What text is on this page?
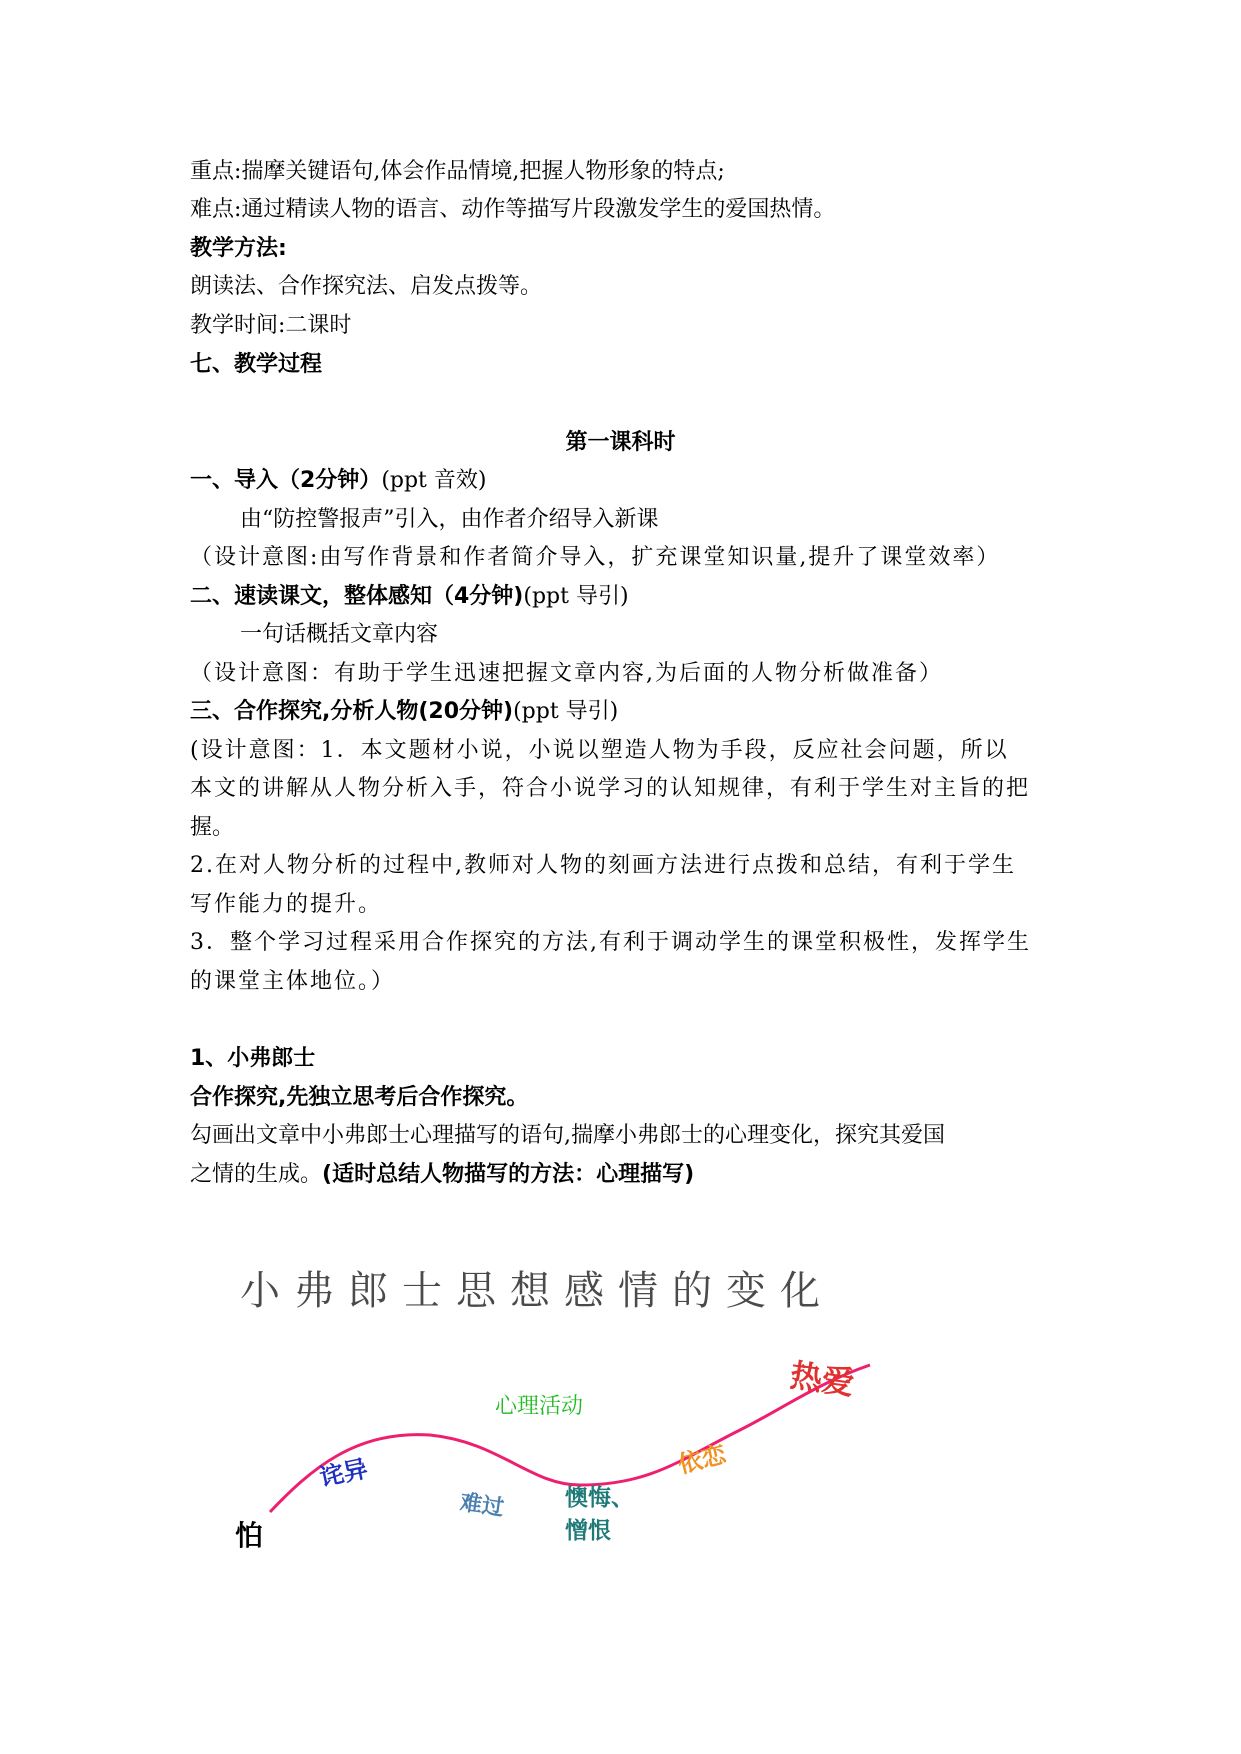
重点:揣摩关键语句,体会作品情境,把握人物形象的特点;
难点:通过精读人物的语言、动作等描写片段激发学生的爱国热情。
教学方法:
朗读法、合作探究法、启发点拨等。
教学时间:二课时
七、教学过程
第一课科时
一、导入（2分钟）(ppt 音效)
由“防控警报声”引入，由作者介绍导入新课
（设计意图:由写作背景和作者简介导入，扩充课堂知识量,提升了课堂效率）
二、速读课文，整体感知（4分钟)(ppt 导引)
一句话概括文章内容
（设计意图：有助于学生迅速把握文章内容,为后面的人物分析做准备）
三、合作探究,分析人物(20分钟)(ppt 导引)
(设计意图：1．本文题材小说，小说以塑造人物为手段，反应社会问题，所以
本文的讲解从人物分析入手，符合小说学习的认知规律，有利于学生对主旨的把
握。
2.在对人物分析的过程中,教师对人物的刻画方法进行点拨和总结，有利于学生
写作能力的提升。
3．整个学习过程采用合作探究的方法,有利于调动学生的课堂积极性，发挥学生
的课堂主体地位。）
1、小弗郎士
合作探究,先独立思考后合作探究。
勾画出文章中小弗郎士心理描写的语句,揣摩小弗郎士的心理变化，探究其爱国
之情的生成。(适时总结人物描写的方法：心理描写)
小弗郎士思想感情的变化
心理活动
怕
诧异
难过	懊悔、
憎恨
依恋
热爱
